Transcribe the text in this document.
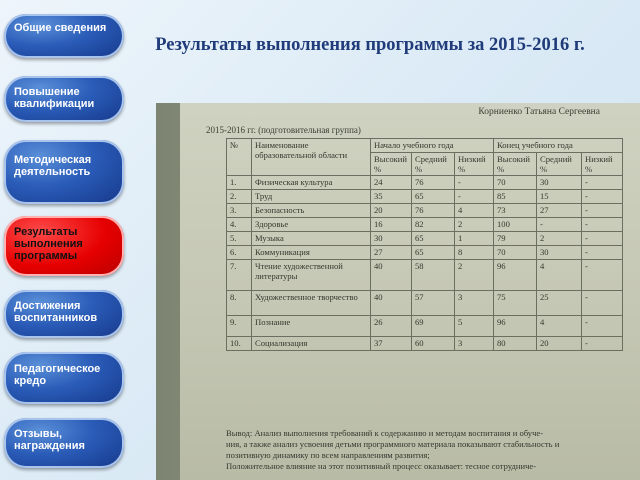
Общие сведения
Повышение квалификации
Методическая деятельность
Результаты выполнения программы
Достижения воспитанников
Педагогическое кредо
Отзывы, награждения
Результаты выполнения программы за 2015-2016 г.
Корниенко Татьяна Сергеевна
2015-2016 гг. (подготовительная группа)
№	Наименование образовательной области	Начало учебного года			Конец учебного года		
		Высокий %	Средний %	Низкий %	Высокий %	Средний %	Низкий %
1.	Физическая культура	24	76	-	70	30	-
2.	Труд	35	65	-	85	15	-
3.	Безопасность	20	76	4	73	27	-
4.	Здоровье	16	82	2	100	-	-
5.	Музыка	30	65	1	79	2	-
6.	Коммуникация	27	65	8	70	30	-
7.	Чтение художественной литературы	40	58	2	96	4	-
8.	Художественное творчество	40	57	3	75	25	-
9.	Познание	26	69	5	96	4	-
10.	Социализация	37	60	3	80	20	-
Вывод: Анализ выполнения требований к содержанию и методам воспитания и обуче-
ния, а также анализ усвоения детьми программного материала показывают стабильность и
позитивную динамику по всем направлениям развития;
Положительное влияние на этот позитивный процесс оказывает: тесное сотрудниче-
